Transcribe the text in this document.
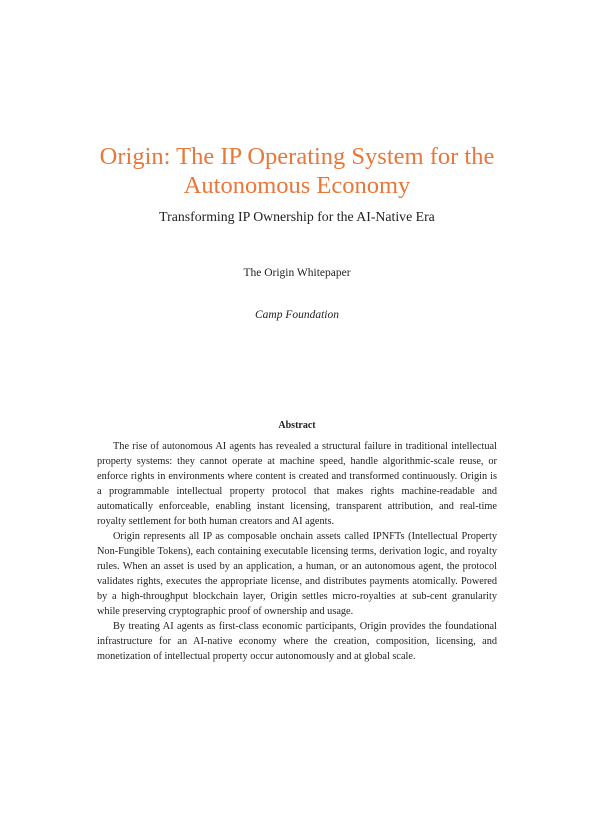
Origin: The IP Operating System for the Autonomous Economy
Transforming IP Ownership for the AI-Native Era
The Origin Whitepaper
Camp Foundation
Abstract

The rise of autonomous AI agents has revealed a structural failure in traditional intellectual property systems: they cannot operate at machine speed, handle algorithmic-scale reuse, or enforce rights in environments where content is created and transformed continuously. Origin is a programmable intellectual property protocol that makes rights machine-readable and automatically enforceable, enabling instant licensing, transparent attribution, and real-time royalty settlement for both human creators and AI agents.

Origin represents all IP as composable onchain assets called IPNFTs (Intellectual Property Non-Fungible Tokens), each containing executable licensing terms, derivation logic, and royalty rules. When an asset is used by an application, a human, or an autonomous agent, the protocol validates rights, executes the appropriate license, and distributes payments atomically. Powered by a high-throughput blockchain layer, Origin settles micro-royalties at sub-cent granularity while preserving cryptographic proof of ownership and usage.

By treating AI agents as first-class economic participants, Origin provides the foundational infrastructure for an AI-native economy where the creation, composition, licensing, and monetization of intellectual property occur autonomously and at global scale.
